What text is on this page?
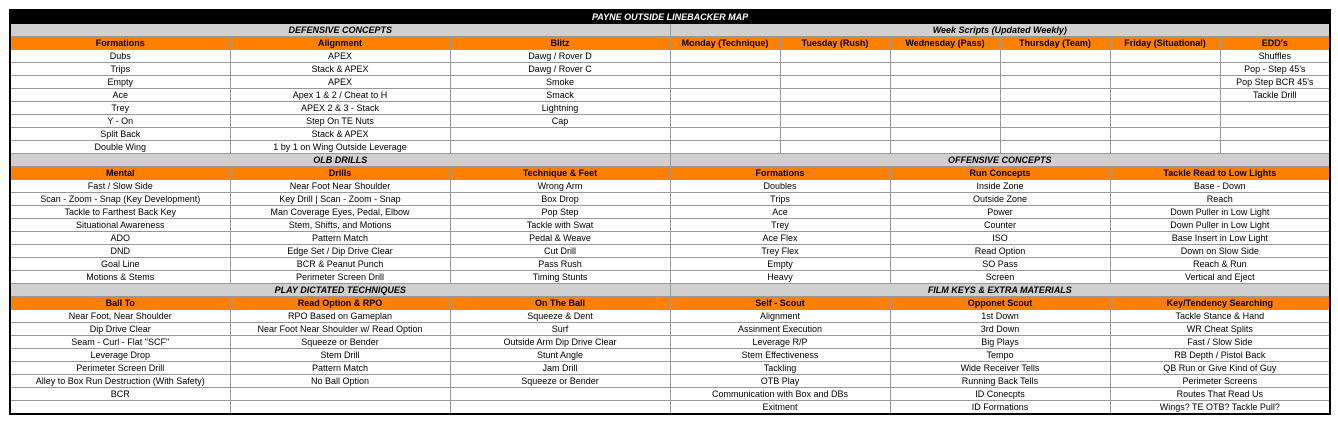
PAYNE OUTSIDE LINEBACKER MAP								
DEFENSIVE CONCEPTS			Week Scripts (Updated Weekly)					
Formations	Alignment	Blitz	Monday (Technique)	Tuesday (Rush)	Wednesday (Pass)	Thursday (Team)	Friday (Situational)	EDD's
Dubs	APEX	Dawg / Rover D						Shuffles
Trips	Stack & APEX	Dawg / Rover C						Pop - Step 45's
Empty	APEX	Smoke						Pop Step BCR 45's
Ace	Apex 1 & 2 / Cheat to H	Smack						Tackle Drill
Trey	APEX 2 & 3 - Stack	Lightning						
Y - On	Step On TE Nuts	Cap						
Split Back	Stack & APEX							
Double Wing	1 by 1 on Wing Outside Leverage							
OLB DRILLS			OFFENSIVE CONCEPTS					
Mental	Drills	Technique & Feet	Formations		Run Concepts		Tackle Read to Low Lights	
Fast / Slow Side	Near Foot Near Shoulder	Wrong Arm	Doubles		Inside Zone		Base - Down	
Scan - Zoom - Snap (Key Development)	Key Drill | Scan - Zoom - Snap	Box Drop	Trips		Outside Zone		Reach	
Tackle to Farthest Back Key	Man Coverage Eyes, Pedal, Elbow	Pop Step	Ace		Power		Down Puller in Low Light	
Situational Awareness	Stem, Shifts, and Motions	Tackle with Swat	Trey		Counter		Down Puller in Low Light	
ADO	Pattern Match	Pedal & Weave	Ace Flex		ISO		Base Insert in Low Light	
DND	Edge Set / Dip Drive Clear	Cut Drill	Trey Flex		Read Option		Down on Slow Side	
Goal Line	BCR & Peanut Punch	Pass Rush	Empty		SO Pass		Reach & Run	
Motions & Stems	Perimeter Screen Drill	Timing Stunts	Heavy		Screen		Vertical and Eject	
PLAY DICTATED TECHNIQUES			FILM KEYS & EXTRA MATERIALS					
Ball To	Read Option & RPO	On The Ball	Self - Scout		Opponet Scout		Key/Tendency Searching	
Near Foot, Near Shoulder	RPO Based on Gameplan	Squeeze & Dent	Alignment		1st Down		Tackle Stance & Hand	
Dip Drive Clear	Near Foot Near Shoulder w/ Read Option	Surf	Assinment Execution		3rd Down		WR Cheat Splits	
Seam - Curl - Flat "SCF"	Squeeze or Bender	Outside Arm Dip Drive Clear	Leverage R/P		Big Plays		Fast / Slow Side	
Leverage Drop	Stem Drill	Stunt Angle	Stem Effectiveness		Tempo		RB Depth / Pistol Back	
Perimeter Screen Drill	Pattern Match	Jam Drill	Tackling		Wide Receiver Tells		QB Run or Give Kind of Guy	
Alley to Box Run Destruction (With Safety)	No Ball Option	Squeeze or Bender	OTB Play		Running Back Tells		Perimeter Screens	
BCR			Communication with Box and DBs		ID Conecpts		Routes That Read Us	
			Exitment		ID Formations		Wings? TE OTB? Tackle Pull?	
